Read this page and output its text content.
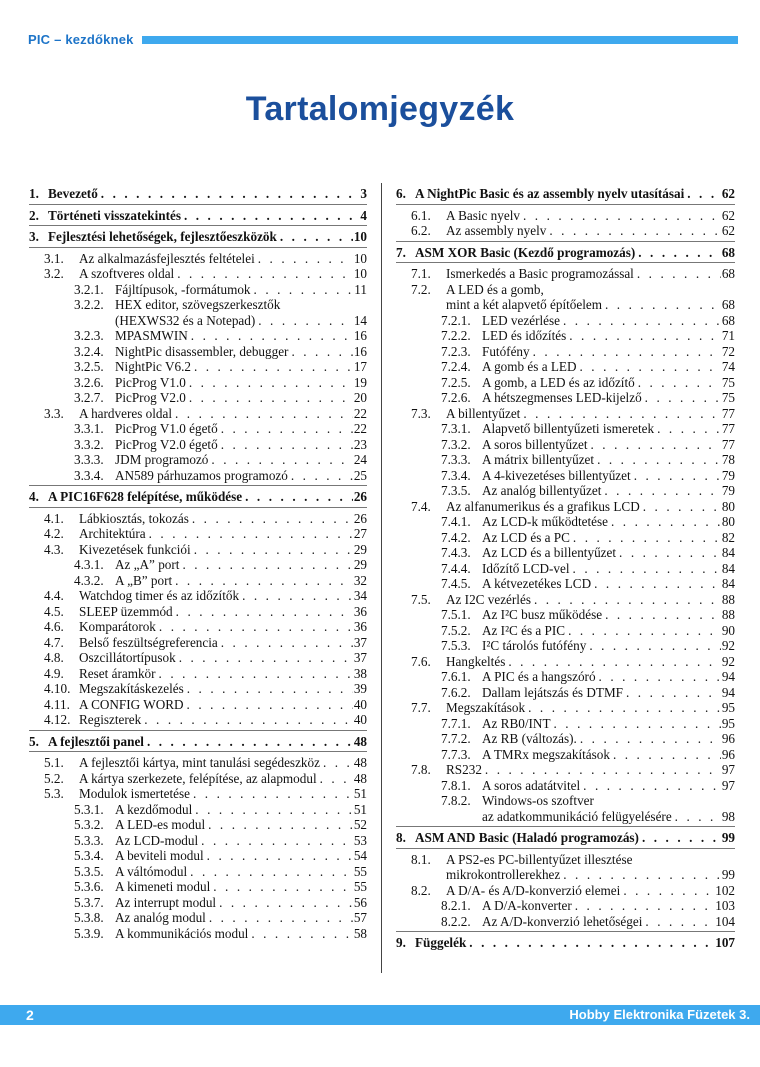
PIC – kezdőknek
Tartalomjegyzék
1. Bevezető . . .	3
2. Történeti visszatekintés . . .	4
3. Fejlesztési lehetőségek, fejlesztőeszközök . . .	10
3.1.	Az alkalmazásfejlesztés feltételei . . .	10
3.2.	A szoftveres oldal . . .	10
3.2.1. Fájltípusok, -formátumok . . .	11
3.2.2. HEX editor, szövegszerkesztők
(HEXWS32 és a Notepad) . . .	14
3.2.3. MPASMWIN . . .	16
3.2.4. NightPic disassembler, debugger . . .	16
3.2.5. NightPic V6.2 . . .	17
3.2.6. PicProg V1.0 . . .	19
3.2.7. PicProg V2.0 . . .	20
3.3.	A hardveres oldal . . .	22
3.3.1. PicProg V1.0 égető . . .	22
3.3.2. PicProg V2.0 égető . . .	23
3.3.3. JDM programozó . . .	24
3.3.4. AN589 párhuzamos programozó . . .	25
4. A PIC16F628 felépítése, működése . . .	26
4.1.	Lábkiosztás, tokozás . . .	26
4.2.	Architektúra . . .	27
4.3.	Kivezetések funkciói . . .	29
4.3.1. Az „A” port . . .	29
4.3.2. A „B” port . . .	32
4.4.	Watchdog timer és az időzítők . . .	34
4.5.	SLEEP üzemmód . . .	36
4.6.	Komparátorok . . .	36
4.7.	Belső feszültségreferencia . . .	37
4.8.	Oszcillátortípusok . . .	37
4.9.	Reset áramkör . . .	38
4.10. Megszakításkezelés . . .	39
4.11. A CONFIG WORD . . .	40
4.12. Regiszterek . . .	40
5. A fejlesztői panel . . .	48
5.1.	A fejlesztői kártya, mint tanulási segédeszköz . . .	48
5.2.	A kártya szerkezete, felépítése, az alapmodul . . .	48
5.3.	Modulok ismertetése . . .	51
5.3.1. A kezdőmodul . . .	51
5.3.2. A LED-es modul . . .	52
5.3.3. Az LCD-modul . . .	53
5.3.4. A beviteli modul . . .	54
5.3.5. A váltómodul . . .	55
5.3.6. A kimeneti modul . . .	55
5.3.7. Az interrupt modul . . .	56
5.3.8. Az analóg modul . . .	57
5.3.9. A kommunikációs modul . . .	58
6. A NightPic Basic és az assembly nyelv utasításai . . .	62
6.1.	A Basic nyelv . . .	62
6.2.	Az assembly nyelv . . .	62
7. ASM XOR Basic (Kezdő programozás) . . .	68
7.1.	Ismerkedés a Basic programozással . . .	68
7.2.	A LED és a gomb,
mint a két alapvető építőelem . . .	68
7.2.1. LED vezérlése . . .	68
7.2.2. LED és időzítés . . .	71
7.2.3. Futófény . . .	72
7.2.4. A gomb és a LED . . .	74
7.2.5. A gomb, a LED és az időzítő . . .	75
7.2.6. A hétszegmenses LED-kijelző . . .	75
7.3.	A billentyűzet . . .	77
7.3.1. Alapvető billentyűzeti ismeretek . . .	77
7.3.2. A soros billentyűzet . . .	77
7.3.3. A mátrix billentyűzet . . .	78
7.3.4. A 4-kivezetéses billentyűzet . . .	79
7.3.5. Az analóg billentyűzet . . .	79
7.4.	Az alfanumerikus és a grafikus LCD . . .	80
7.4.1. Az LCD-k működtetése . . .	80
7.4.2. Az LCD és a PC . . .	82
7.4.3. Az LCD és a billentyűzet . . .	84
7.4.4. Időzítő LCD-vel . . .	84
7.4.5. A kétvezetékes LCD . . .	84
7.5.	Az I2C vezérlés . . .	88
7.5.1. Az I²C busz működése . . .	88
7.5.2. Az I²C és a PIC . . .	90
7.5.3. I²C tárolós futófény . . .	92
7.6.	Hangkeltés . . .	92
7.6.1. A PIC és a hangszóró . . .	94
7.6.2. Dallam lejátszás és DTMF . . .	94
7.7.	Megszakítások . . .	95
7.7.1. Az RB0/INT . . .	95
7.7.2. Az RB (változás). . . .	96
7.7.3. A TMRx megszakítások . . .	96
7.8.	RS232 . . .	97
7.8.1. A soros adatátvitel . . .	97
7.8.2. Windows-os szoftver
az adatkommunikáció felügyelésére . . .	98
8. ASM AND Basic (Haladó programozás) . . .	99
8.1.	A PS2-es PC-billentyűzet illesztése
mikrokontrollerekhez . . .	99
8.2.	A D/A- és A/D-konverzió elemei . . .	102
8.2.1. A D/A-konverter . . .	103
8.2.2. Az A/D-konverzió lehetőségei . . .	104
9. Függelék . . .	107
2	Hobby Elektronika Füzetek 3.
